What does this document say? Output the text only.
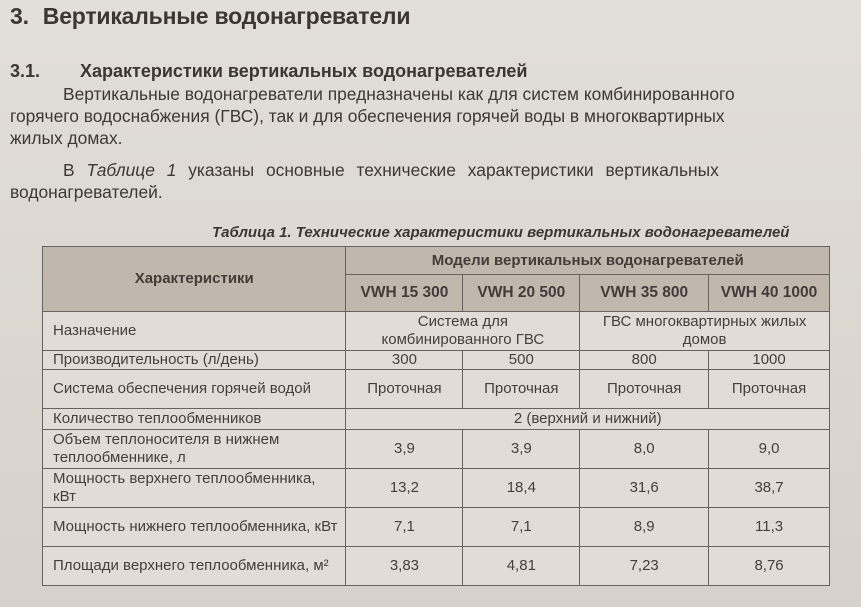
3. Вертикальные водонагреватели
3.1. Характеристики вертикальных водонагревателей
Вертикальные водонагреватели предназначены как для систем комбинированного
горячего водоснабжения (ГВС), так и для обеспечения горячей воды в многоквартирных
жилых домах.
В Таблице 1 указаны основные технические характеристики вертикальных
водонагревателей.
Таблица 1. Технические характеристики вертикальных водонагревателей
Характеристики	Модели вертикальных водонагревателей			
	VWH 15 300	VWH 20 500	VWH 35 800	VWH 40 1000
Назначение	Система для комбинированного ГВС		ГВС многоквартирных жилых домов	
Производительность (л/день)	300	500	800	1000
Система обеспечения горячей водой	Проточная	Проточная	Проточная	Проточная
Количество теплообменников	2 (верхний и нижний)			
Объем теплоносителя в нижнем теплообменнике, л	3,9	3,9	8,0	9,0
Мощность верхнего теплообменника, кВт	13,2	18,4	31,6	38,7
Мощность нижнего теплообменника, кВт	7,1	7,1	8,9	11,3
Площади верхнего теплообменника, м²	3,83	4,81	7,23	8,76
